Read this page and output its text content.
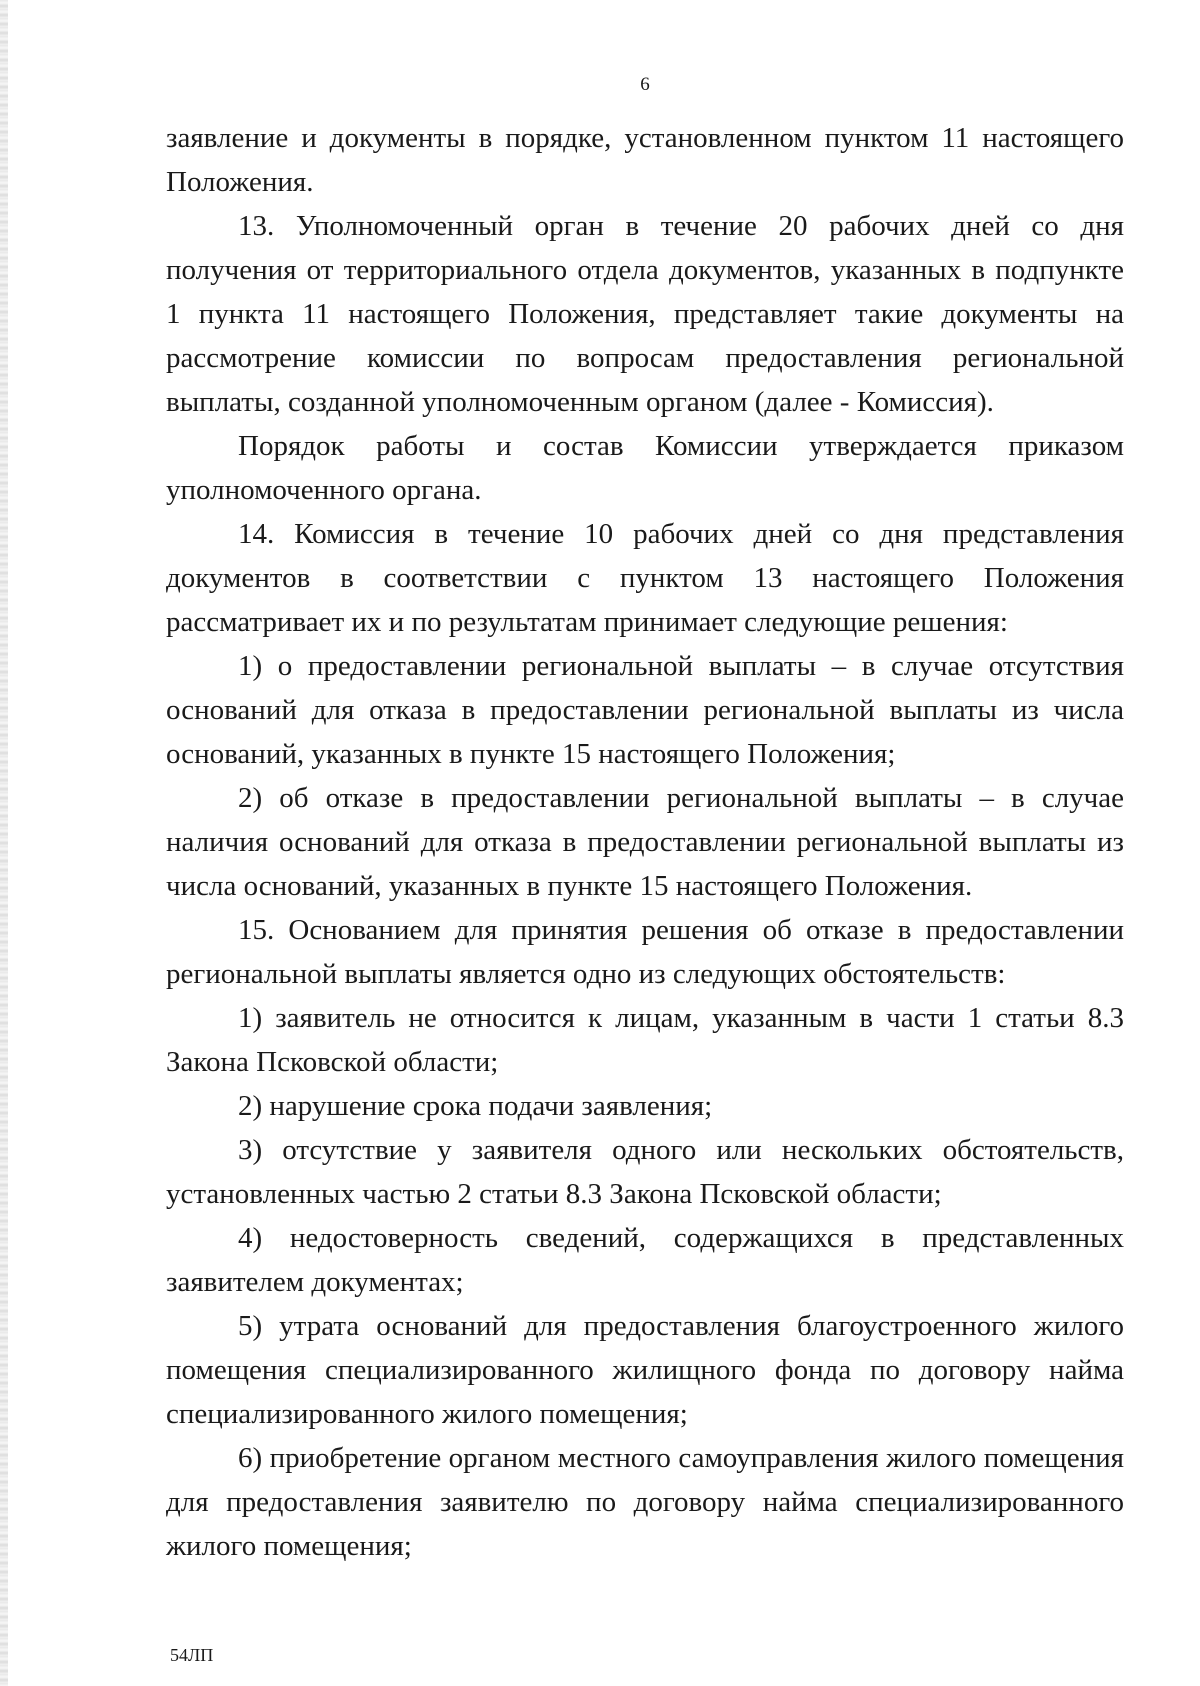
6

заявление и документы в порядке, установленном пунктом 11 настоящего Положения.

13. Уполномоченный орган в течение 20 рабочих дней со дня получения от территориального отдела документов, указанных в подпункте 1 пункта 11 настоящего Положения, представляет такие документы на рассмотрение комиссии по вопросам предоставления региональной выплаты, созданной уполномоченным органом (далее - Комиссия).

Порядок работы и состав Комиссии утверждается приказом уполномоченного органа.

14. Комиссия в течение 10 рабочих дней со дня представления документов в соответствии с пунктом 13 настоящего Положения рассматривает их и по результатам принимает следующие решения:

1) о предоставлении региональной выплаты – в случае отсутствия оснований для отказа в предоставлении региональной выплаты из числа оснований, указанных в пункте 15 настоящего Положения;

2) об отказе в предоставлении региональной выплаты – в случае наличия оснований для отказа в предоставлении региональной выплаты из числа оснований, указанных в пункте 15 настоящего Положения.

15. Основанием для принятия решения об отказе в предоставлении региональной выплаты является одно из следующих обстоятельств:

1) заявитель не относится к лицам, указанным в части 1 статьи 8.3 Закона Псковской области;

2) нарушение срока подачи заявления;

3) отсутствие у заявителя одного или нескольких обстоятельств, установленных частью 2 статьи 8.3 Закона Псковской области;

4) недостоверность сведений, содержащихся в представленных заявителем документах;

5) утрата оснований для предоставления благоустроенного жилого помещения специализированного жилищного фонда по договору найма специализированного жилого помещения;

6) приобретение органом местного самоуправления жилого помещения для предоставления заявителю по договору найма специализированного жилого помещения;

54ЛП
